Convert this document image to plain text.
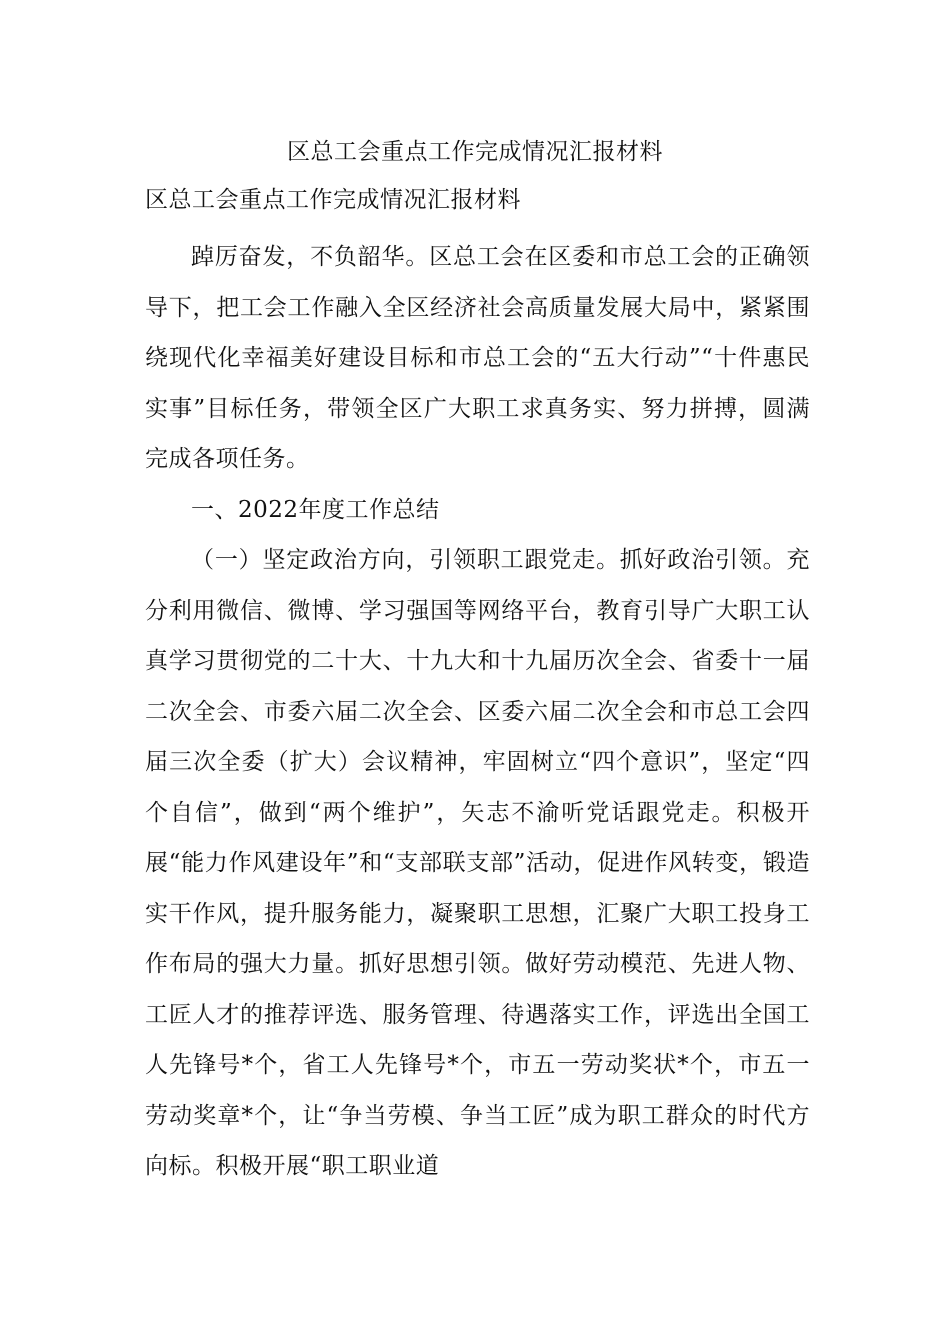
区总工会重点工作完成情况汇报材料

区总工会重点工作完成情况汇报材料

踔厉奋发，不负韶华。区总工会在区委和市总工会的正确领导下，把工会工作融入全区经济社会高质量发展大局中，紧紧围绕现代化幸福美好建设目标和市总工会的“五大行动”“十件惠民实事”目标任务，带领全区广大职工求真务实、努力拼搏，圆满完成各项任务。

一、2022年度工作总结

（一）坚定政治方向，引领职工跟党走。抓好政治引领。充分利用微信、微博、学习强国等网络平台，教育引导广大职工认真学习贯彻党的二十大、十九大和十九届历次全会、省委十一届二次全会、市委六届二次全会、区委六届二次全会和市总工会四届三次全委（扩大）会议精神，牢固树立“四个意识”，坚定“四个自信”，做到“两个维护”，矢志不渝听党话跟党走。积极开展“能力作风建设年”和“支部联支部”活动，促进作风转变，锻造实干作风，提升服务能力，凝聚职工思想，汇聚广大职工投身工作布局的强大力量。抓好思想引领。做好劳动模范、先进人物、工匠人才的推荐评选、服务管理、待遇落实工作，评选出全国工人先锋号*个，省工人先锋号*个，市五一劳动奖状*个，市五一劳动奖章*个，让“争当劳模、争当工匠”成为职工群众的时代方向标。积极开展“职工职业道
